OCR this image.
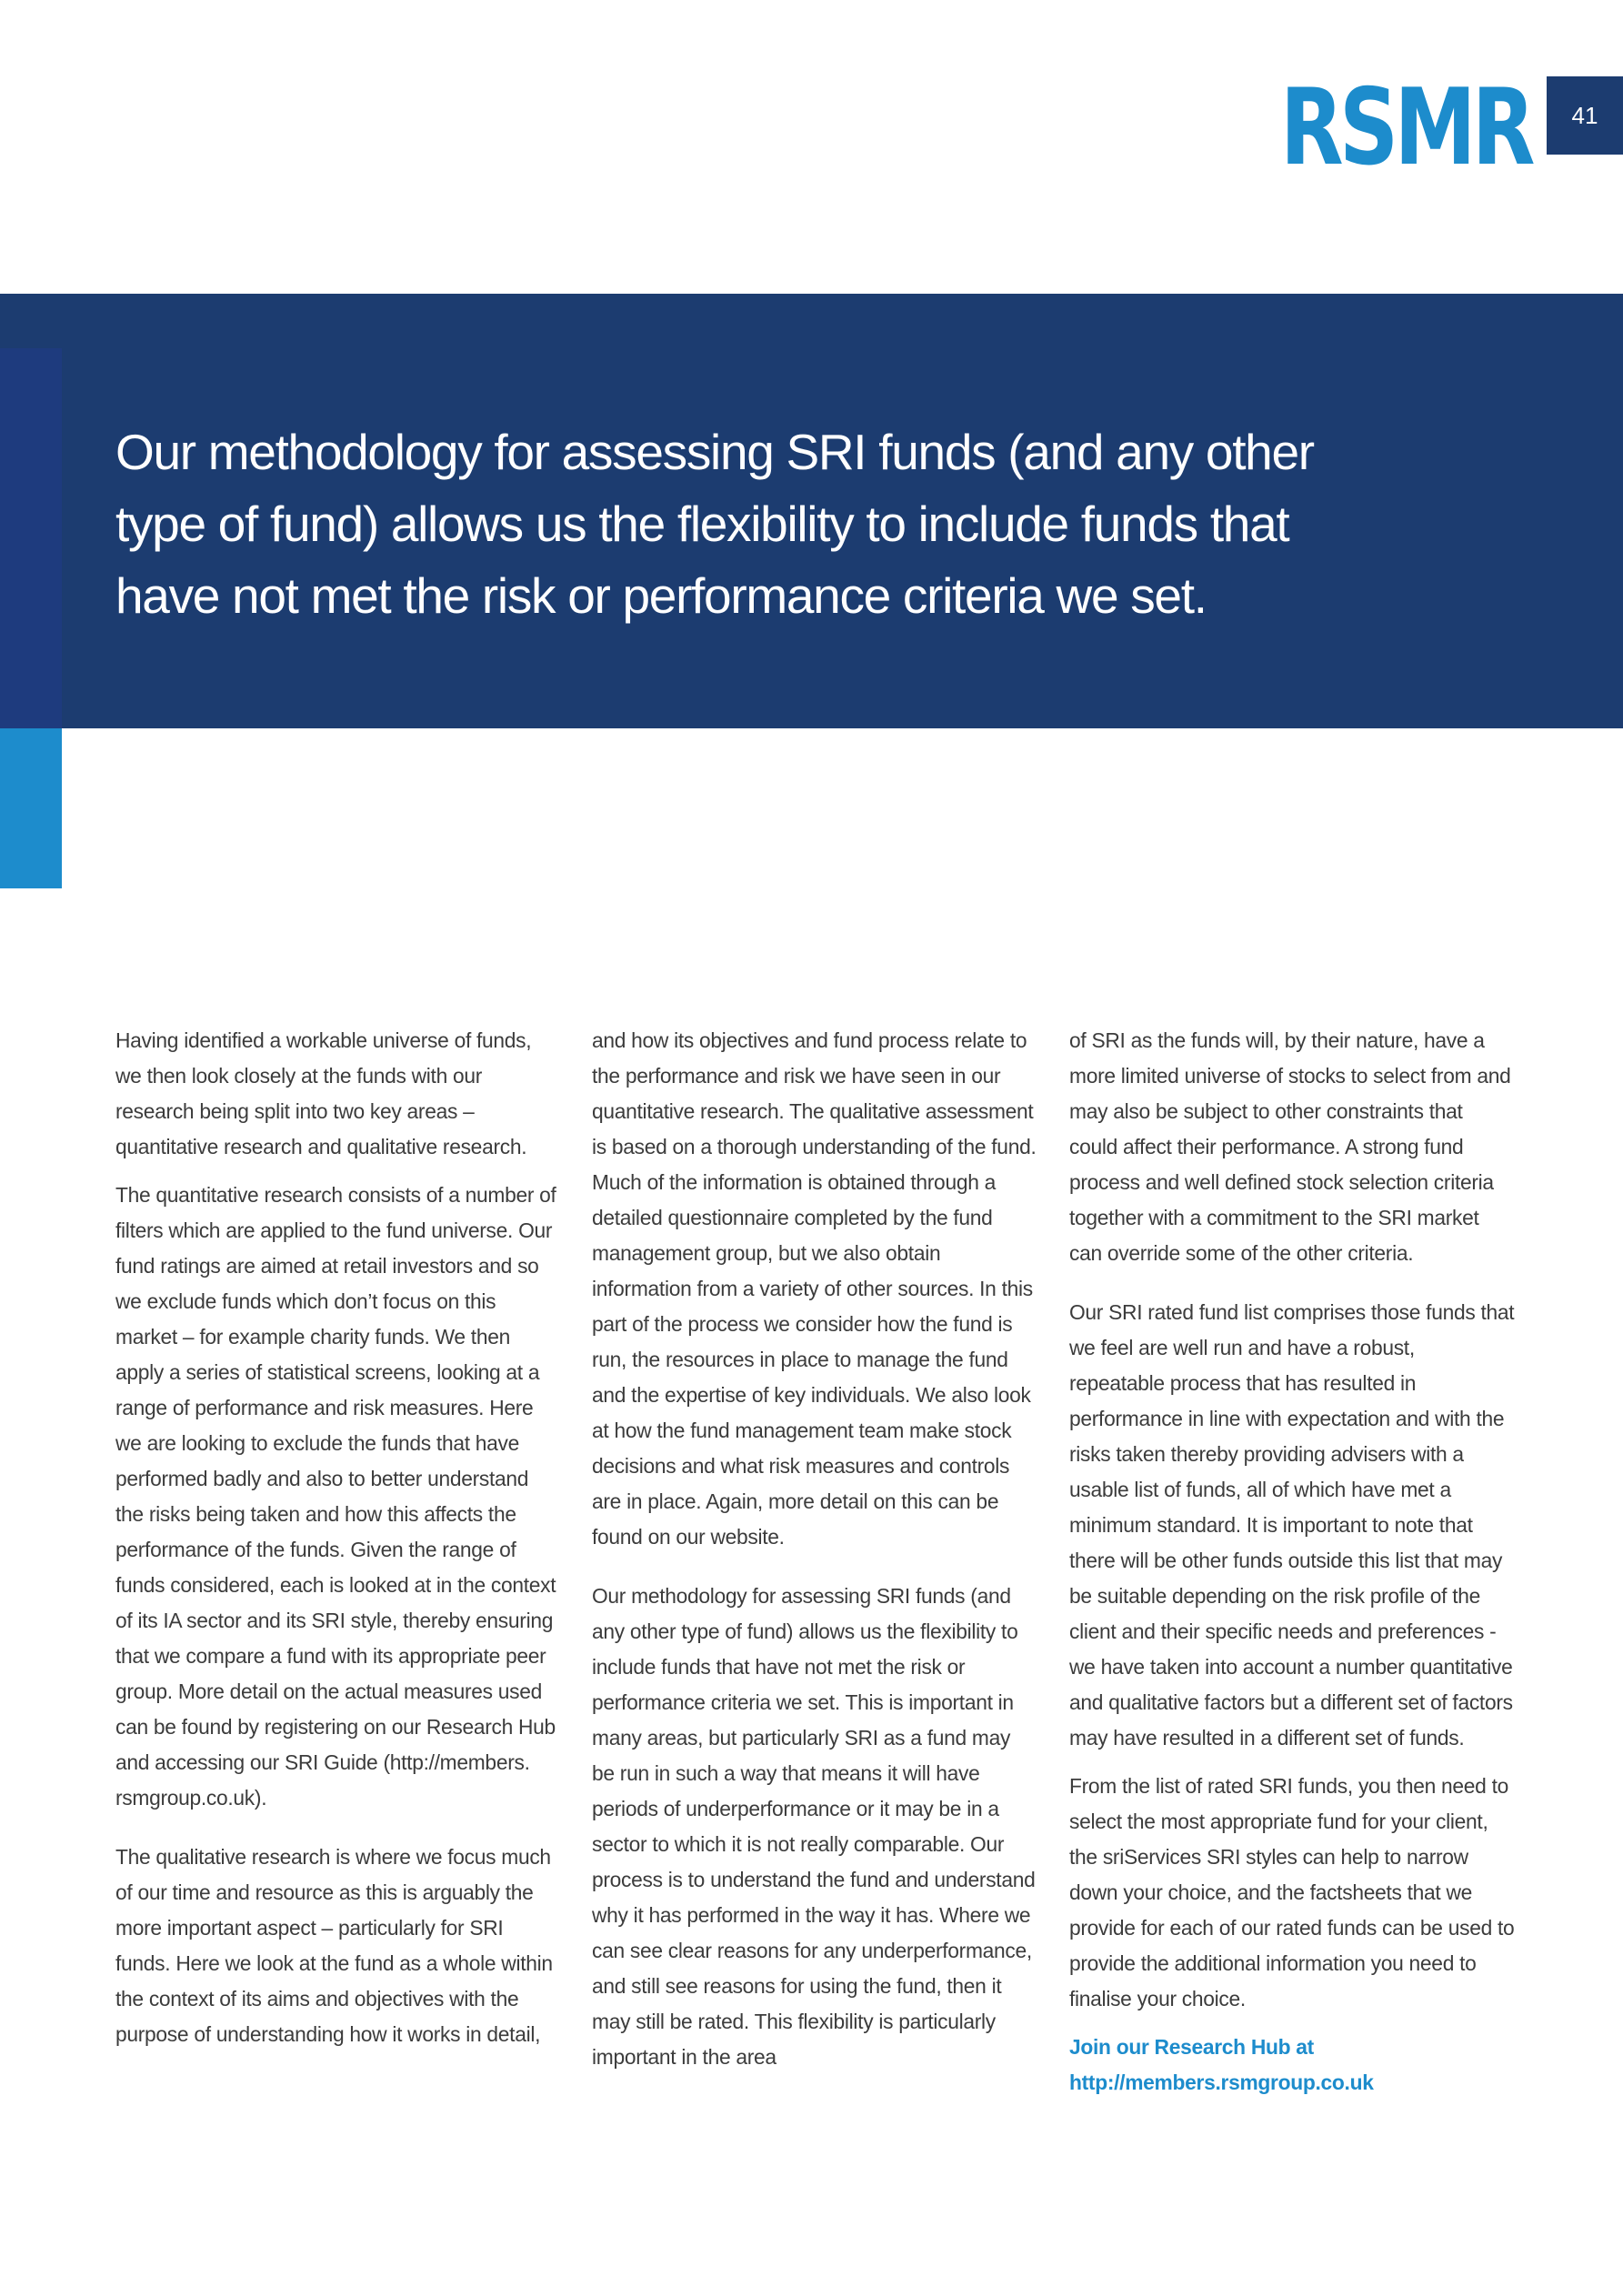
RSMR	41
Our methodology for assessing SRI funds (and any other type of fund) allows us the flexibility to include funds that have not met the risk or performance criteria we set.

Having identified a workable universe of funds, we then look closely at the funds with our research being split into two key areas – quantitative research and qualitative research.

The quantitative research consists of a number of filters which are applied to the fund universe. Our fund ratings are aimed at retail investors and so we exclude funds which don’t focus on this market – for example charity funds. We then apply a series of statistical screens, looking at a range of performance and risk measures. Here we are looking to exclude the funds that have performed badly and also to better understand the risks being taken and how this affects the performance of the funds. Given the range of funds considered, each is looked at in the context of its IA sector and its SRI style, thereby ensuring that we compare a fund with its appropriate peer group. More detail on the actual measures used can be found by registering on our Research Hub and accessing our SRI Guide (http://members. rsmgroup.co.uk).

The qualitative research is where we focus much of our time and resource as this is arguably the more important aspect – particularly for SRI funds. Here we look at the fund as a whole within the context of its aims and objectives with the purpose of understanding how it works in detail,

and how its objectives and fund process relate to the performance and risk we have seen in our quantitative research. The qualitative assessment is based on a thorough understanding of the fund. Much of the information is obtained through a detailed questionnaire completed by the fund management group, but we also obtain information from a variety of other sources. In this part of the process we consider how the fund is run, the resources in place to manage the fund and the expertise of key individuals. We also look at how the fund management team make stock decisions and what risk measures and controls are in place. Again, more detail on this can be found on our website.

Our methodology for assessing SRI funds (and any other type of fund) allows us the flexibility to include funds that have not met the risk or performance criteria we set. This is important in many areas, but particularly SRI as a fund may be run in such a way that means it will have periods of underperformance or it may be in a sector to which it is not really comparable. Our process is to understand the fund and understand why it has performed in the way it has. Where we can see clear reasons for any underperformance, and still see reasons for using the fund, then it may still be rated. This flexibility is particularly important in the area

of SRI as the funds will, by their nature, have a more limited universe of stocks to select from and may also be subject to other constraints that could affect their performance. A strong fund process and well defined stock selection criteria together with a commitment to the SRI market can override some of the other criteria.

Our SRI rated fund list comprises those funds that we feel are well run and have a robust, repeatable process that has resulted in performance in line with expectation and with the risks taken thereby providing advisers with a usable list of funds, all of which have met a minimum standard. It is important to note that there will be other funds outside this list that may be suitable depending on the risk profile of the client and their specific needs and preferences - we have taken into account a number quantitative and qualitative factors but a different set of factors may have resulted in a different set of funds.

From the list of rated SRI funds, you then need to select the most appropriate fund for your client, the sriServices SRI styles can help to narrow down your choice, and the factsheets that we provide for each of our rated funds can be used to provide the additional information you need to finalise your choice.

Join our Research Hub at
http://members.rsmgroup.co.uk
